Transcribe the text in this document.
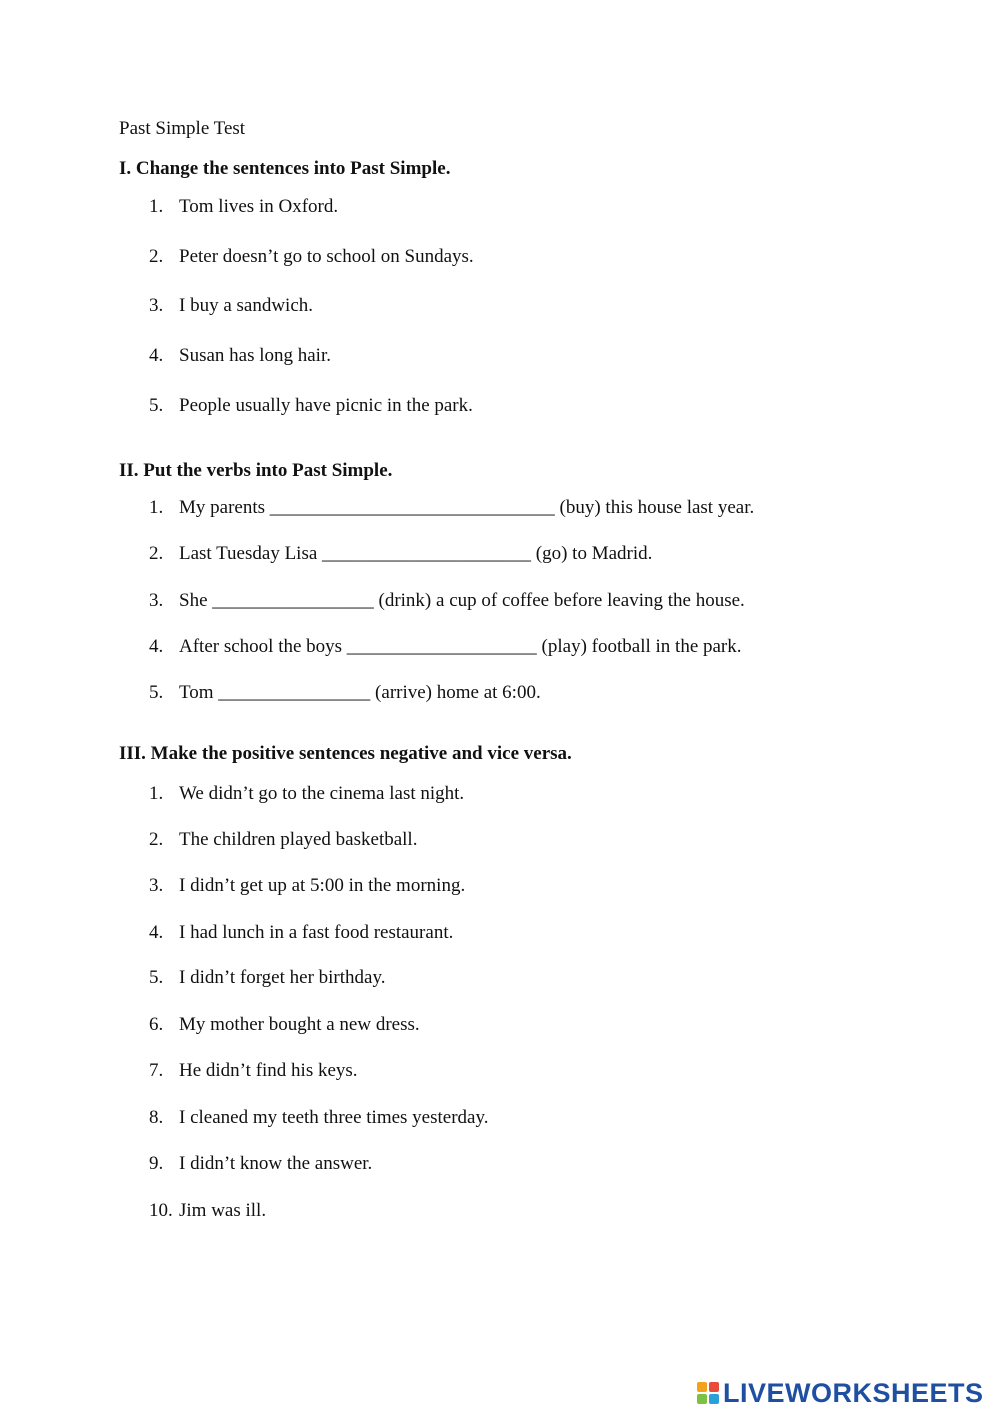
Past Simple Test
I. Change the sentences into Past Simple.
1. Tom lives in Oxford.
2. Peter doesn’t go to school on Sundays.
3. I buy a sandwich.
4. Susan has long hair.
5. People usually have picnic in the park.
II. Put the verbs into Past Simple.
1. My parents ______________________________ (buy) this house last year.
2. Last Tuesday Lisa ______________________ (go) to Madrid.
3. She _________________ (drink) a cup of coffee before leaving the house.
4. After school the boys ____________________ (play) football in the park.
5. Tom ________________ (arrive) home at 6:00.
III. Make the positive sentences negative and vice versa.
1. We didn’t go to the cinema last night.
2. The children played basketball.
3. I didn’t get up at 5:00 in the morning.
4. I had lunch in a fast food restaurant.
5. I didn’t forget her birthday.
6. My mother bought a new dress.
7. He didn’t find his keys.
8. I cleaned my teeth three times yesterday.
9. I didn’t know the answer.
10. Jim was ill.
LIVEWORKSHEETS
